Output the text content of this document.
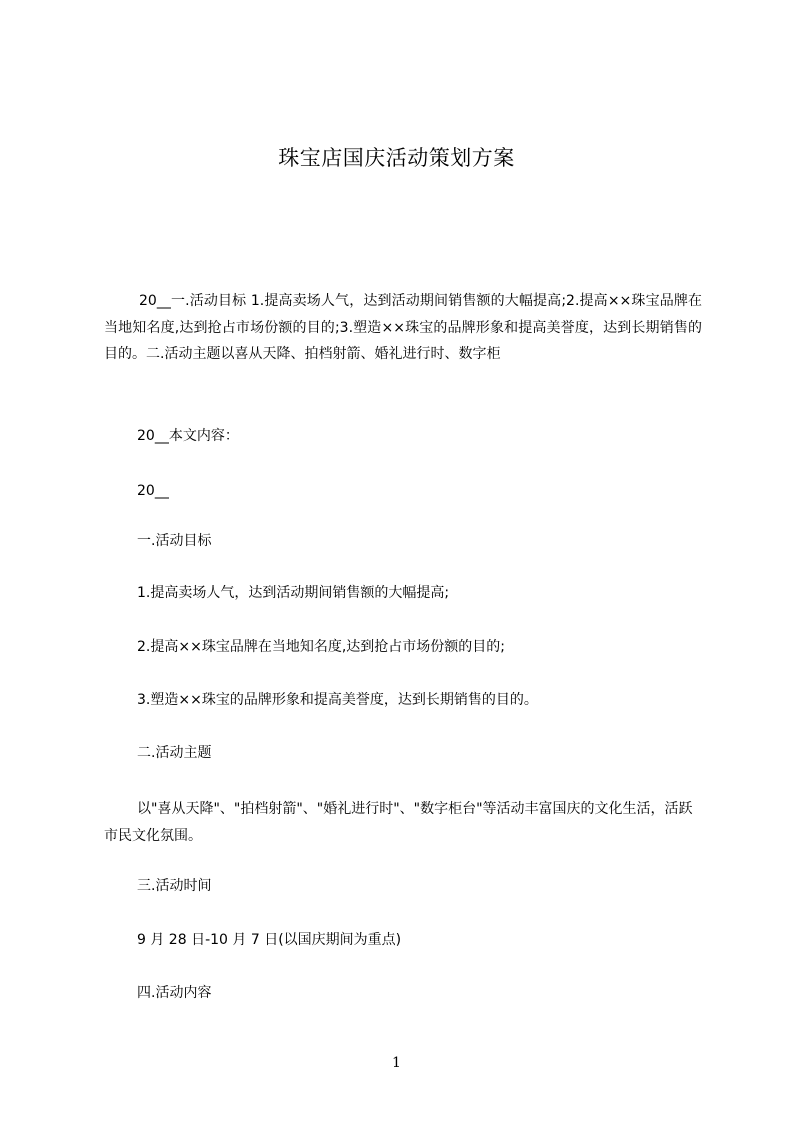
珠宝店国庆活动策划方案
20__一.活动目标 1.提高卖场人气，达到活动期间销售额的大幅提高;2.提高××珠宝品牌在当地知名度,达到抢占市场份额的目的;3.塑造××珠宝的品牌形象和提高美誉度，达到长期销售的目的。二.活动主题以喜从天降、拍档射箭、婚礼进行时、数字柜
20__本文内容：
20__
一.活动目标
1.提高卖场人气，达到活动期间销售额的大幅提高;
2.提高××珠宝品牌在当地知名度,达到抢占市场份额的目的;
3.塑造××珠宝的品牌形象和提高美誉度，达到长期销售的目的。
二.活动主题
以"喜从天降"、"拍档射箭"、"婚礼进行时"、"数字柜台"等活动丰富国庆的文化生活，活跃市民文化氛围。
三.活动时间
9 月 28 日-10 月 7 日(以国庆期间为重点)
四.活动内容
1
